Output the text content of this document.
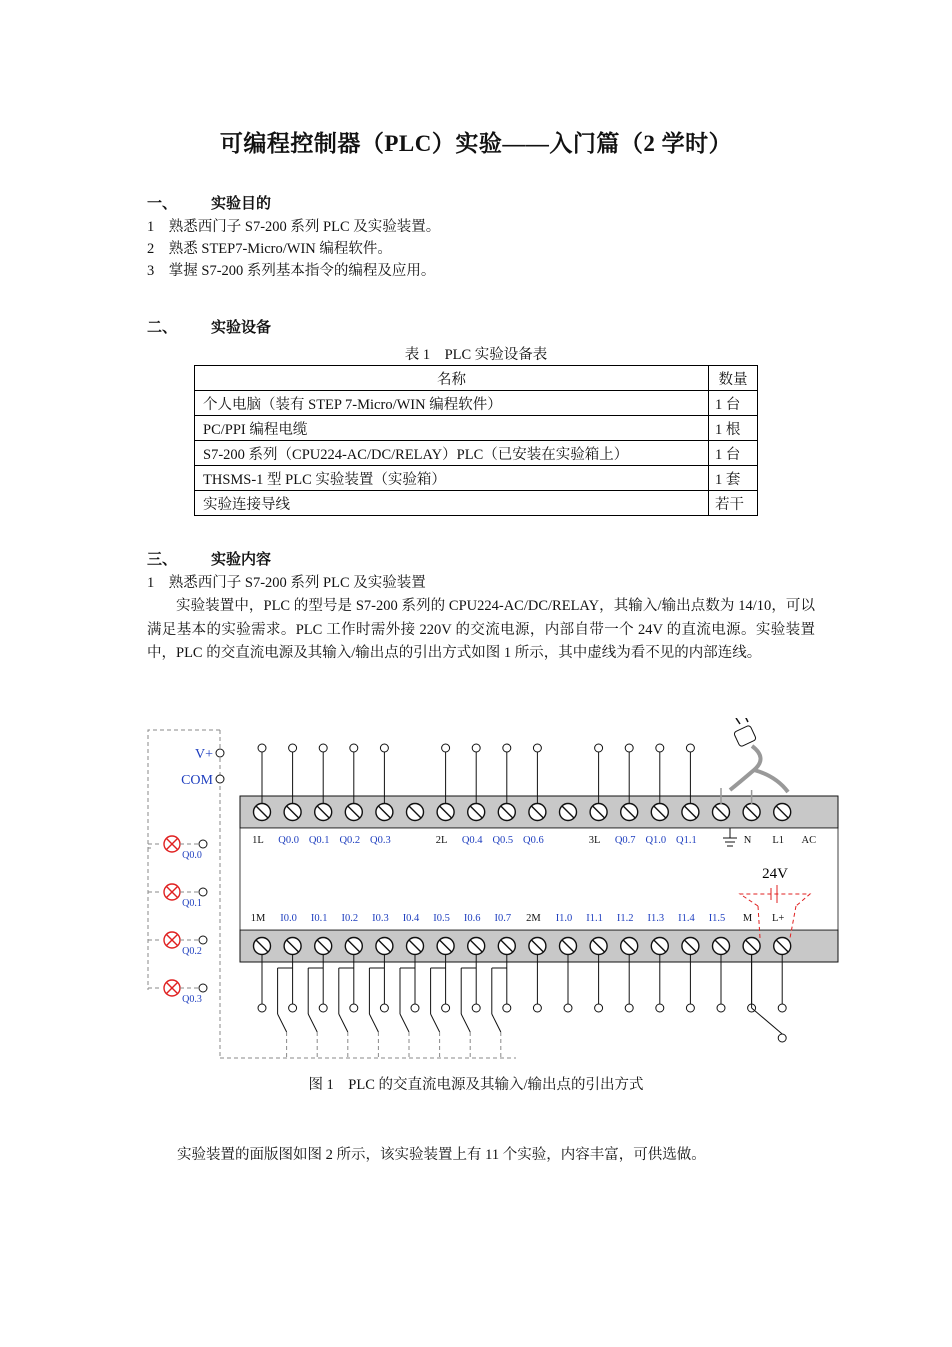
可编程控制器（PLC）实验——入门篇（2 学时）
一、 实验目的
1　熟悉西门子 S7-200 系列 PLC 及实验装置。
2　熟悉 STEP7-Micro/WIN 编程软件。
3　掌握 S7-200 系列基本指令的编程及应用。
二、 实验设备
表 1　PLC 实验设备表
名称	数量
个人电脑（装有 STEP 7-Micro/WIN 编程软件）	1 台
PC/PPI 编程电缆	1 根
S7-200 系列（CPU224-AC/DC/RELAY）PLC（已安装在实验箱上）	1 台
THSMS-1 型 PLC 实验装置（实验箱）	1 套
实验连接导线	若干
三、 实验内容
1　熟悉西门子 S7-200 系列 PLC 及实验装置

实验装置中，PLC 的型号是 S7-200 系列的 CPU224-AC/DC/RELAY，其输入/输出点数为 14/10，可以满足基本的实验需求。PLC 工作时需外接 220V 的交流电源，内部自带一个 24V 的直流电源。实验装置中，PLC 的交直流电源及其输入/输出点的引出方式如图 1 所示，其中虚线为看不见的内部连线。

V+
COM
Q0.0
Q0.1
Q0.2
Q0.3
1L Q0.0 Q0.1 Q0.2 Q0.3	2L Q0.4 Q0.5 Q0.6	3L Q0.7 Q1.0 Q1.1	N L1 AC
1M I0.0 I0.1 I0.2 I0.3 I0.4 I0.5 I0.6 I0.7 2M I1.0 I1.1 I1.2 I1.3 I1.4 I1.5 M L+
24V
图 1　PLC 的交直流电源及其输入/输出点的引出方式
实验装置的面版图如图 2 所示，该实验装置上有 11 个实验，内容丰富，可供选做。
